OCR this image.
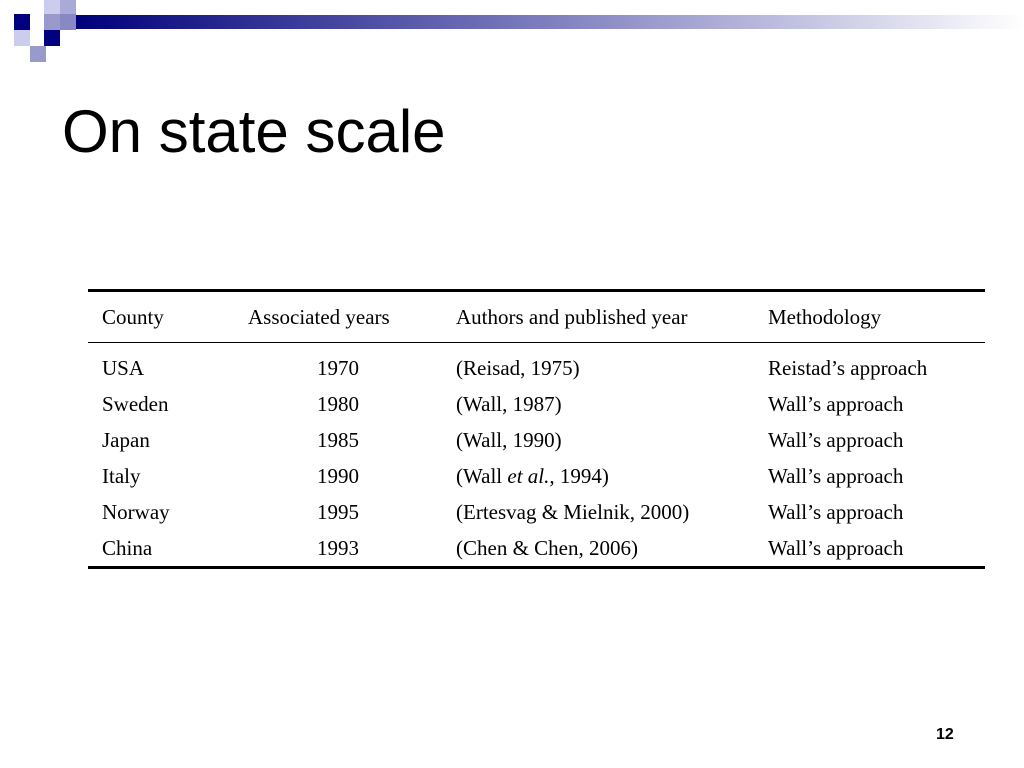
On state scale
County	Associated years	Authors and published year	Methodology
USA	1970	(Reisad, 1975)	Reistad’s approach
Sweden	1980	(Wall, 1987)	Wall’s approach
Japan	1985	(Wall, 1990)	Wall’s approach
Italy	1990	(Wall et al., 1994)	Wall’s approach
Norway	1995	(Ertesvag & Mielnik, 2000)	Wall’s approach
China	1993	(Chen & Chen, 2006)	Wall’s approach
12
